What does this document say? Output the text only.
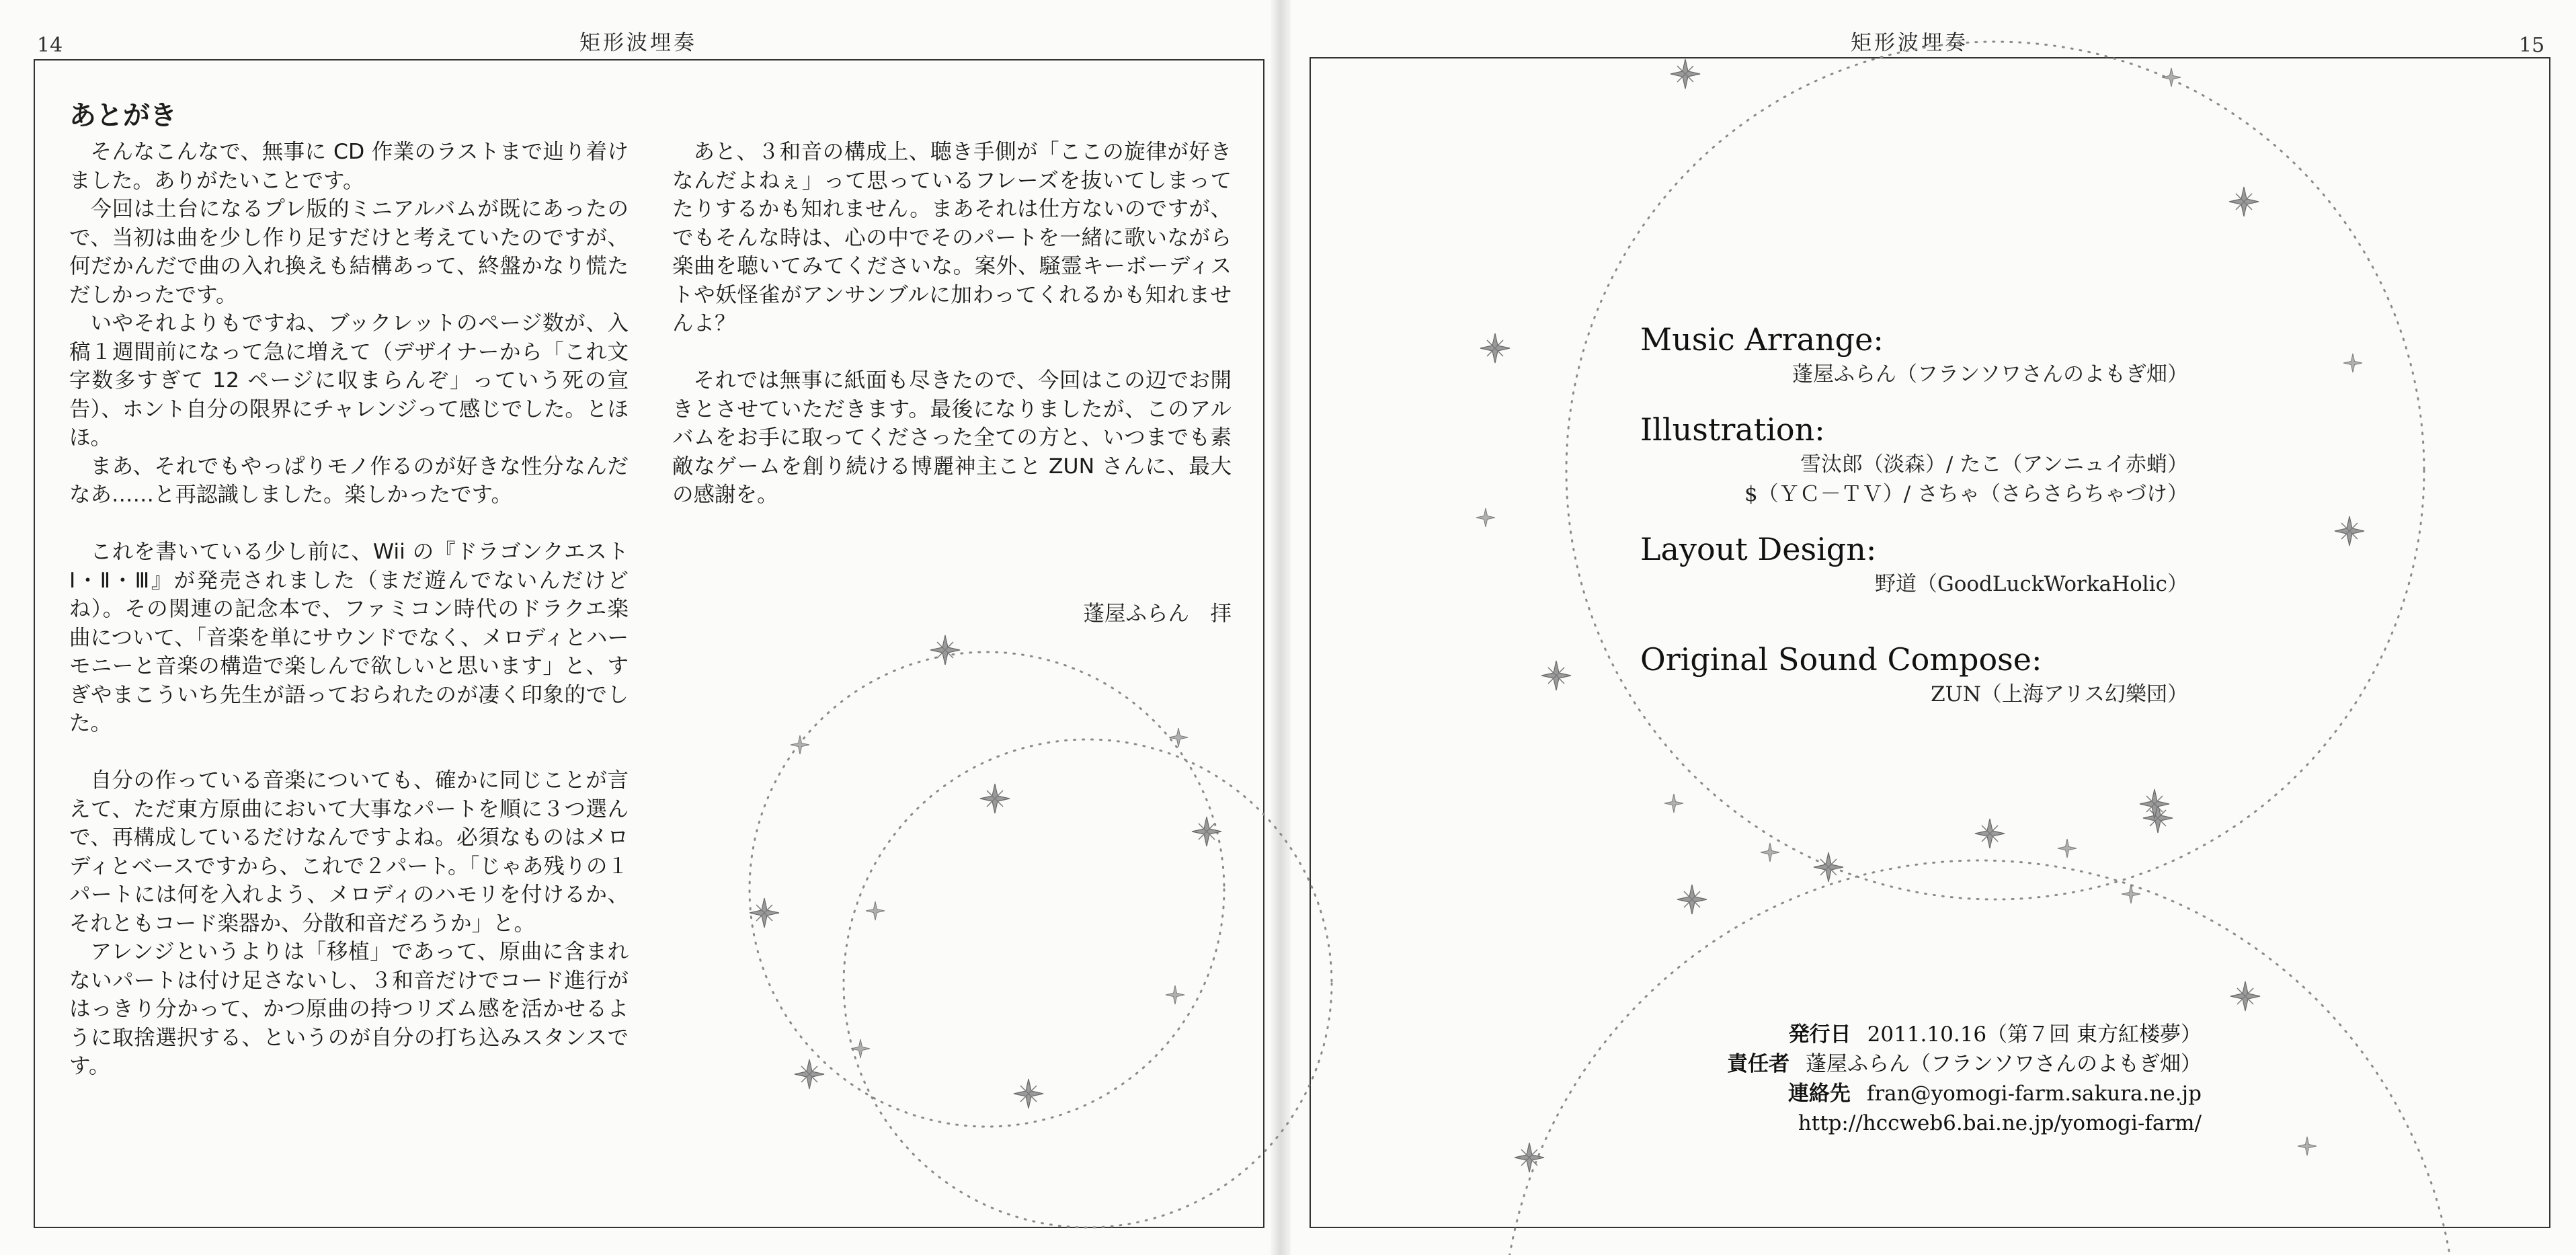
14	矩形波埋奏
あとがき

そんなこんなで、無事に CD 作業のラストまで辿り着けました。ありがたいことです。

今回は土台になるプレ版的ミニアルバムが既にあったので、当初は曲を少し作り足すだけと考えていたのですが、何だかんだで曲の入れ換えも結構あって、終盤かなり慌ただしかったです。

いやそれよりもですね、ブックレットのページ数が、入稿１週間前になって急に増えて（デザイナーから「これ文字数多すぎて 12 ページに収まらんぞ」っていう死の宣告）、ホント自分の限界にチャレンジって感じでした。とほほ。

まあ、それでもやっぱりモノ作るのが好きな性分なんだなあ……と再認識しました。楽しかったです。

これを書いている少し前に、Wii の『ドラゴンクエストⅠ・Ⅱ・Ⅲ』が発売されました（まだ遊んでないんだけどね）。その関連の記念本で、ファミコン時代のドラクエ楽曲について、「音楽を単にサウンドでなく、メロディとハーモニーと音楽の構造で楽しんで欲しいと思います」と、すぎやまこういち先生が語っておられたのが凄く印象的でした。

自分の作っている音楽についても、確かに同じことが言えて、ただ東方原曲において大事なパートを順に３つ選んで、再構成しているだけなんですよね。必須なものはメロディとベースですから、これで２パート。「じゃあ残りの１パートには何を入れよう、メロディのハモリを付けるか、それともコード楽器か、分散和音だろうか」と。

アレンジというよりは「移植」であって、原曲に含まれないパートは付け足さないし、３和音だけでコード進行がはっきり分かって、かつ原曲の持つリズム感を活かせるように取捨選択する、というのが自分の打ち込みスタンスです。

あと、３和音の構成上、聴き手側が「ここの旋律が好きなんだよねぇ」って思っているフレーズを抜いてしまってたりするかも知れません。まあそれは仕方ないのですが、でもそんな時は、心の中でそのパートを一緒に歌いながら楽曲を聴いてみてくださいな。案外、騒霊キーボーディストや妖怪雀がアンサンブルに加わってくれるかも知れませんよ？

それでは無事に紙面も尽きたので、今回はこの辺でお開きとさせていただきます。最後になりましたが、このアルバムをお手に取ってくださった全ての方と、いつまでも素敵なゲームを創り続ける博麗神主こと ZUN さんに、最大の感謝を。

蓬屋ふらん　拝
矩形波埋奏	15
Music Arrange:
蓬屋ふらん（フランソワさんのよもぎ畑）
Illustration:
雪汰郎（淡森）/ たこ（アンニュイ赤蛸）
$（ＹＣ－ＴＶ）/ さちゃ（さらさらちゃづけ）
Layout Design:
野道（GoodLuckWorkaHolic）
Original Sound Compose:
ZUN（上海アリス幻樂団）
発行日 2011.10.16（第７回 東方紅楼夢）
責任者 蓬屋ふらん（フランソワさんのよもぎ畑）
連絡先 fran@yomogi-farm.sakura.ne.jp
http://hccweb6.bai.ne.jp/yomogi-farm/
